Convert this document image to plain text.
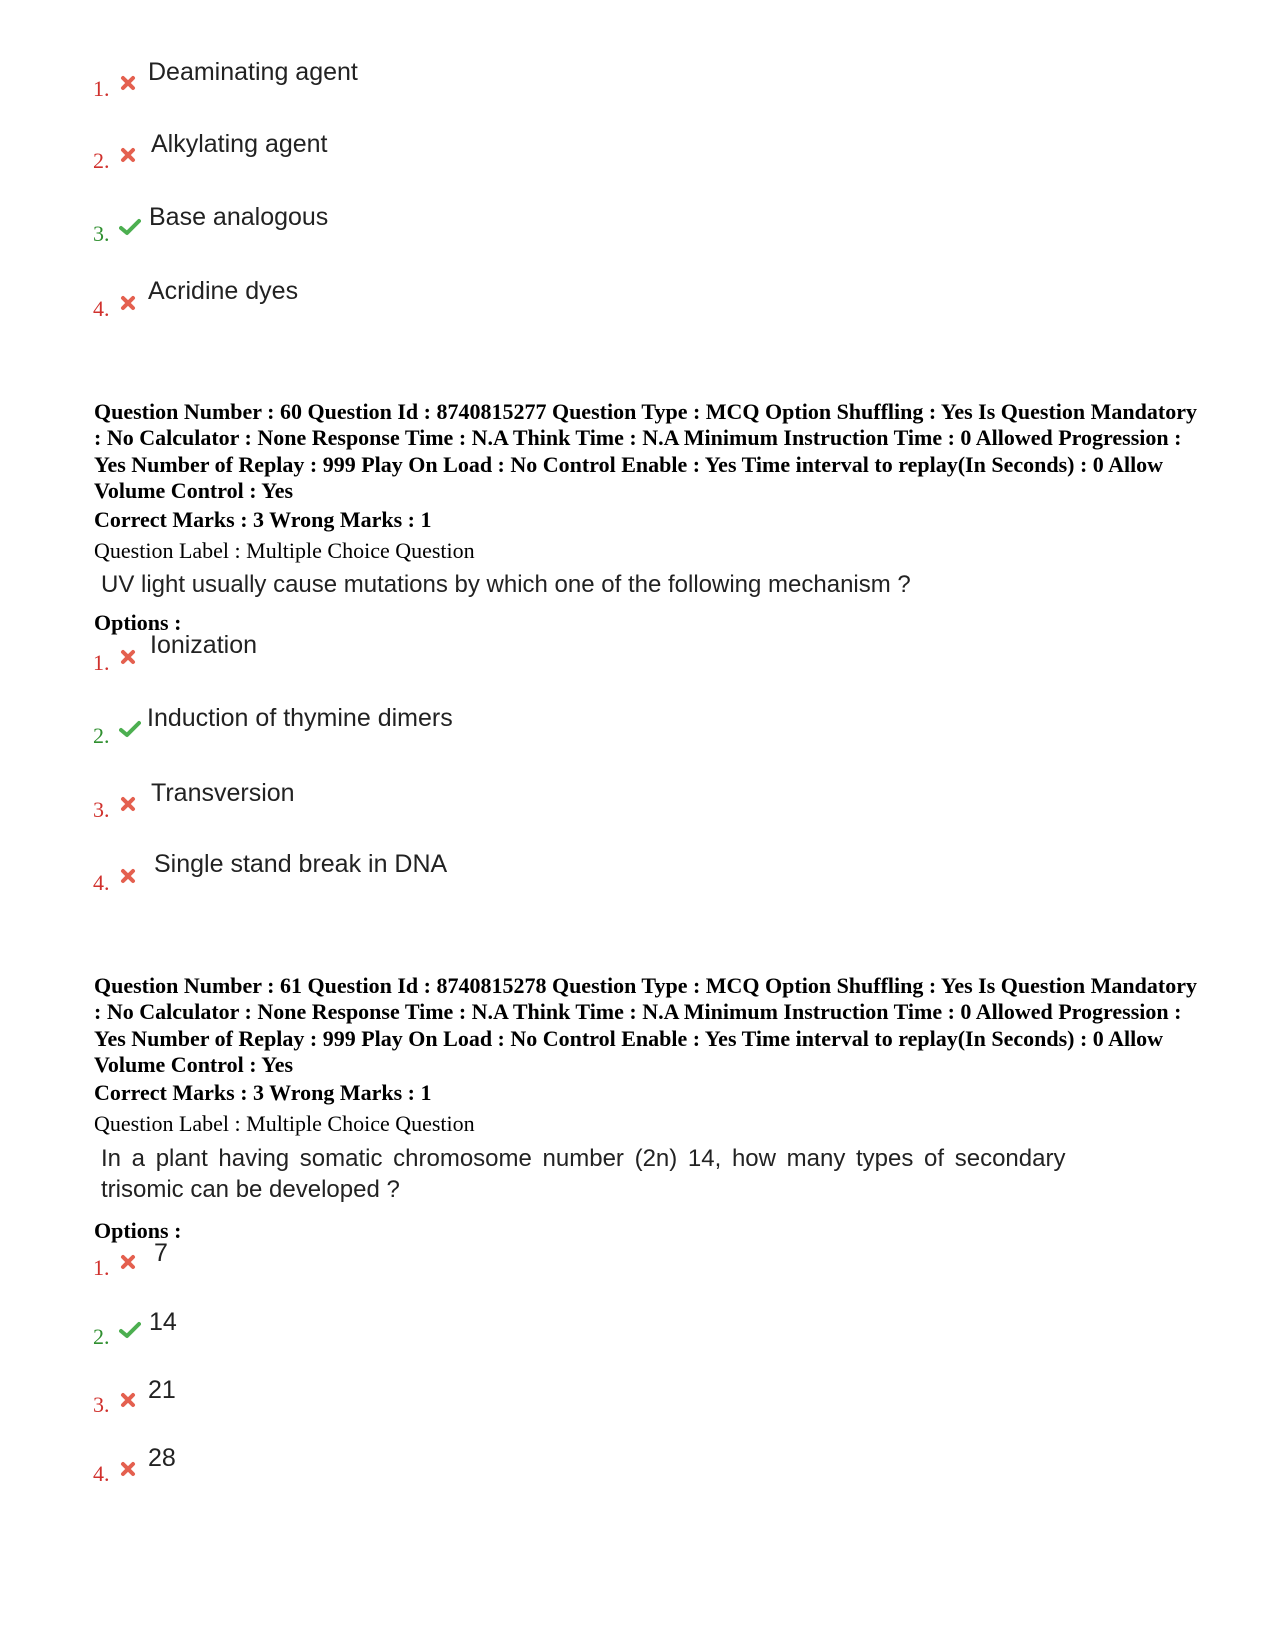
1.
Deaminating agent
2.
Alkylating agent
3.
Base analogous
4.
Acridine dyes
Question Number : 60 Question Id : 8740815277 Question Type : MCQ Option Shuffling : Yes Is Question Mandatory : No Calculator : None Response Time : N.A Think Time : N.A Minimum Instruction Time : 0 Allowed Progression : Yes Number of Replay : 999 Play On Load : No Control Enable : Yes Time interval to replay(In Seconds) : 0 Allow Volume Control : Yes
Correct Marks : 3 Wrong Marks : 1
Question Label : Multiple Choice Question
UV light usually cause mutations by which one of the following mechanism ?
Options :
1.
Ionization
2.
Induction of thymine dimers
3.
Transversion
4.
Single stand break in DNA
Question Number : 61 Question Id : 8740815278 Question Type : MCQ Option Shuffling : Yes Is Question Mandatory : No Calculator : None Response Time : N.A Think Time : N.A Minimum Instruction Time : 0 Allowed Progression : Yes Number of Replay : 999 Play On Load : No Control Enable : Yes Time interval to replay(In Seconds) : 0 Allow Volume Control : Yes
Correct Marks : 3 Wrong Marks : 1
Question Label : Multiple Choice Question
In a plant having somatic chromosome number (2n) 14, how many types of secondary
trisomic can be developed ?
Options :
1.
7
2.
14
3.
21
4.
28
